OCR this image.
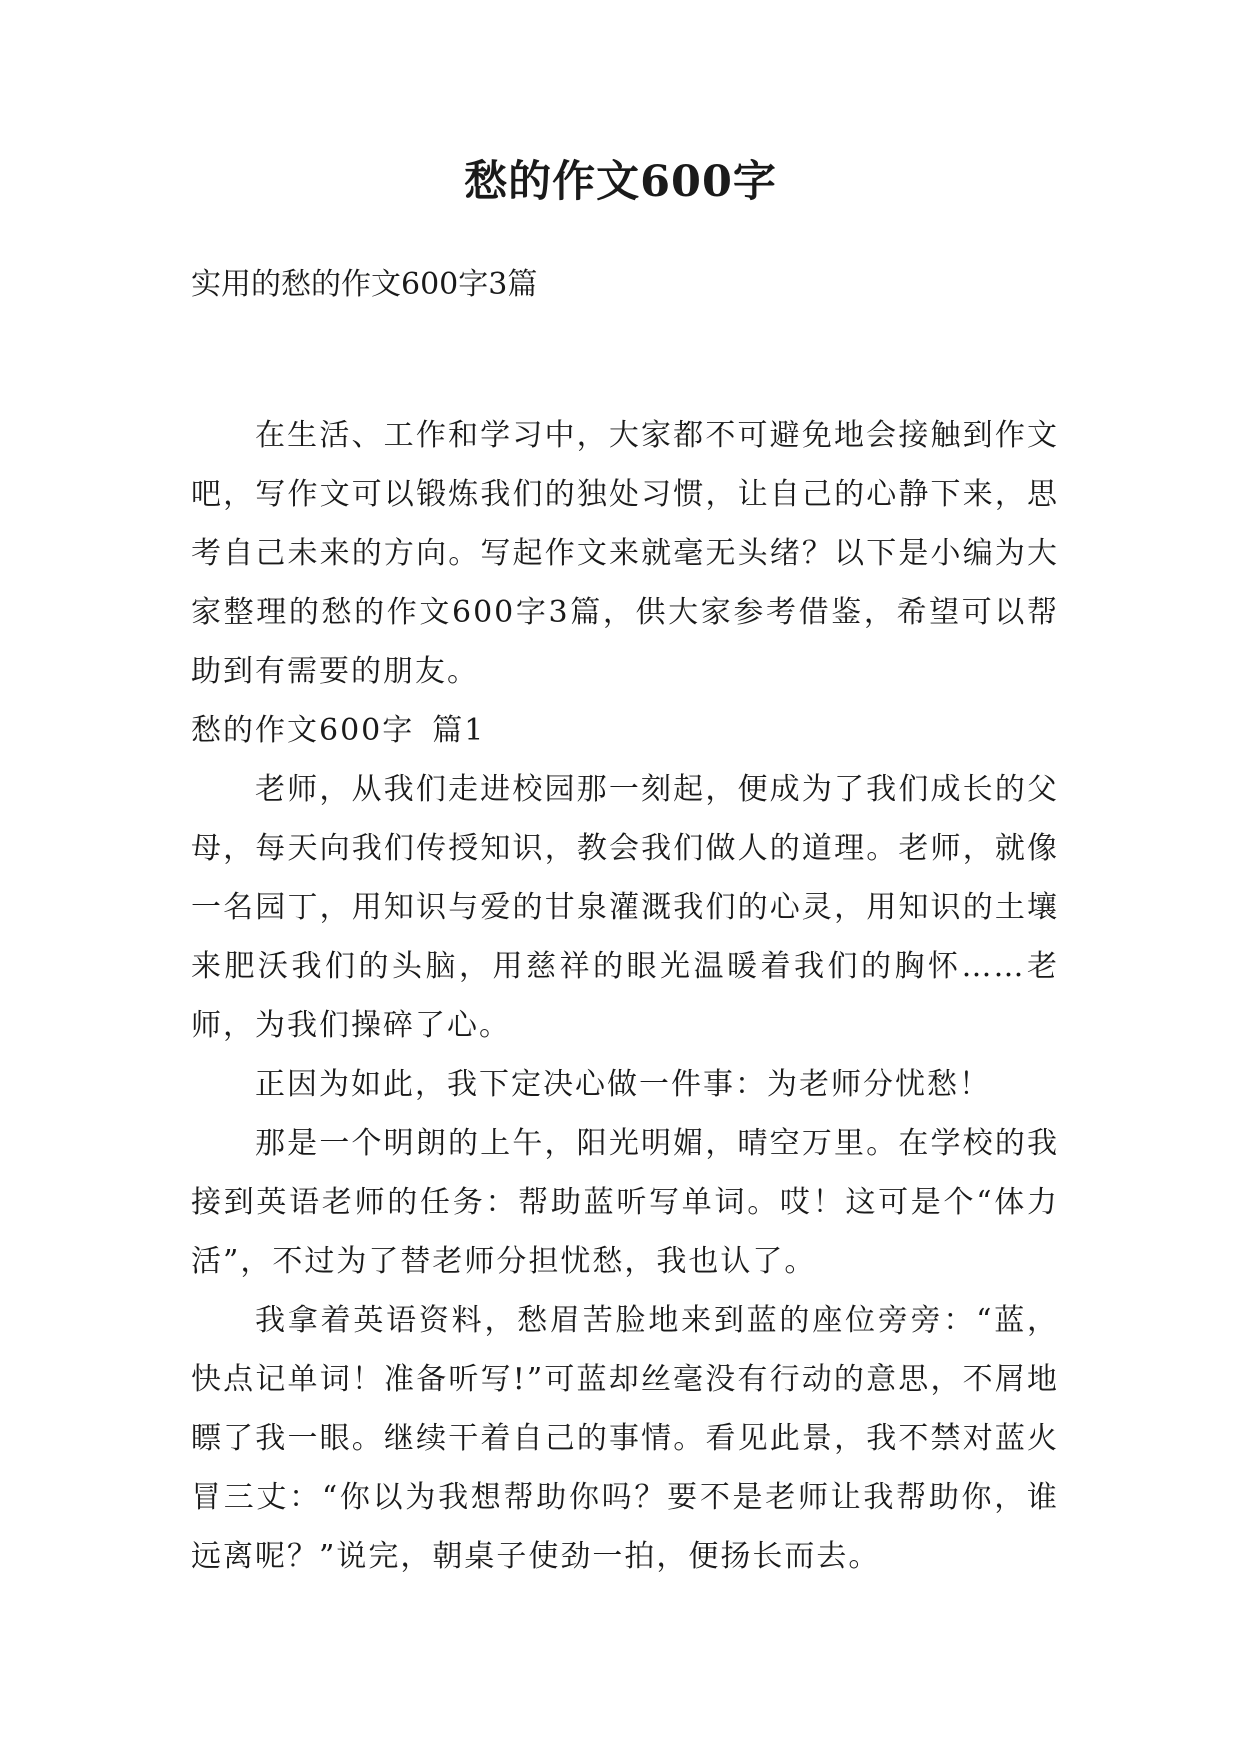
愁的作文600字

实用的愁的作文600字3篇

在生活、工作和学习中，大家都不可避免地会接触到作文吧，写作文可以锻炼我们的独处习惯，让自己的心静下来，思考自己未来的方向。写起作文来就毫无头绪？以下是小编为大家整理的愁的作文600字3篇，供大家参考借鉴，希望可以帮助到有需要的朋友。

愁的作文600字 篇1

老师，从我们走进校园那一刻起，便成为了我们成长的父母，每天向我们传授知识，教会我们做人的道理。老师，就像一名园丁，用知识与爱的甘泉灌溉我们的心灵，用知识的土壤来肥沃我们的头脑，用慈祥的眼光温暖着我们的胸怀……老师，为我们操碎了心。

正因为如此，我下定决心做一件事：为老师分忧愁！

那是一个明朗的上午，阳光明媚，晴空万里。在学校的我接到英语老师的任务：帮助蓝听写单词。哎！这可是个“体力活”，不过为了替老师分担忧愁，我也认了。

我拿着英语资料，愁眉苦脸地来到蓝的座位旁旁：“蓝，快点记单词！准备听写!”可蓝却丝毫没有行动的意思，不屑地瞟了我一眼。继续干着自己的事情。看见此景，我不禁对蓝火冒三丈：“你以为我想帮助你吗？要不是老师让我帮助你，谁远离呢？”说完，朝桌子使劲一拍，便扬长而去。
